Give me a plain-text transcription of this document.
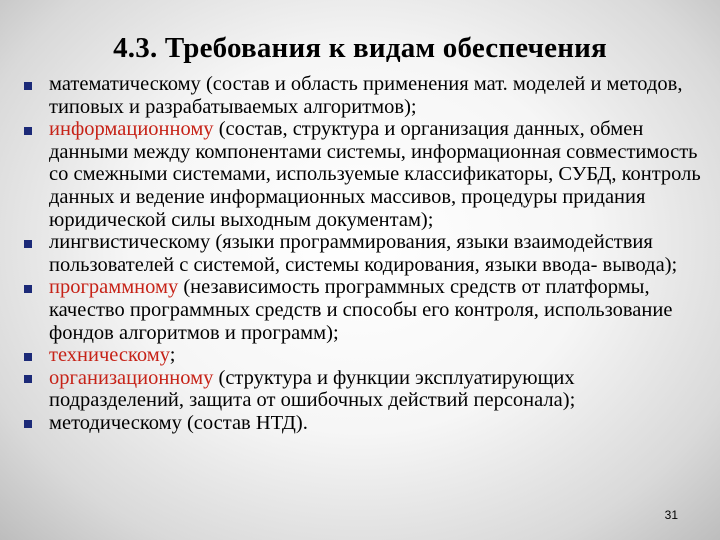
4.3. Требования к видам обеспечения
математическому (состав и область применения мат. моделей и методов, типовых и разрабатываемых алгоритмов);
информационному (состав, структура и организация данных, обмен данными между компонентами системы, информационная совместимость со смежными системами, используемые классификаторы, СУБД, контроль данных и ведение информационных массивов, процедуры придания юридической силы выходным документам);
лингвистическому (языки программирования, языки взаимодействия пользователей с системой, системы кодирования, языки ввода- вывода);
программному (независимость программных средств от платформы, качество программных средств и способы его контроля, использование фондов алгоритмов и программ);
техническому;
организационному (структура и функции эксплуатирующих подразделений, защита от ошибочных действий персонала);
методическому (состав НТД).
31
